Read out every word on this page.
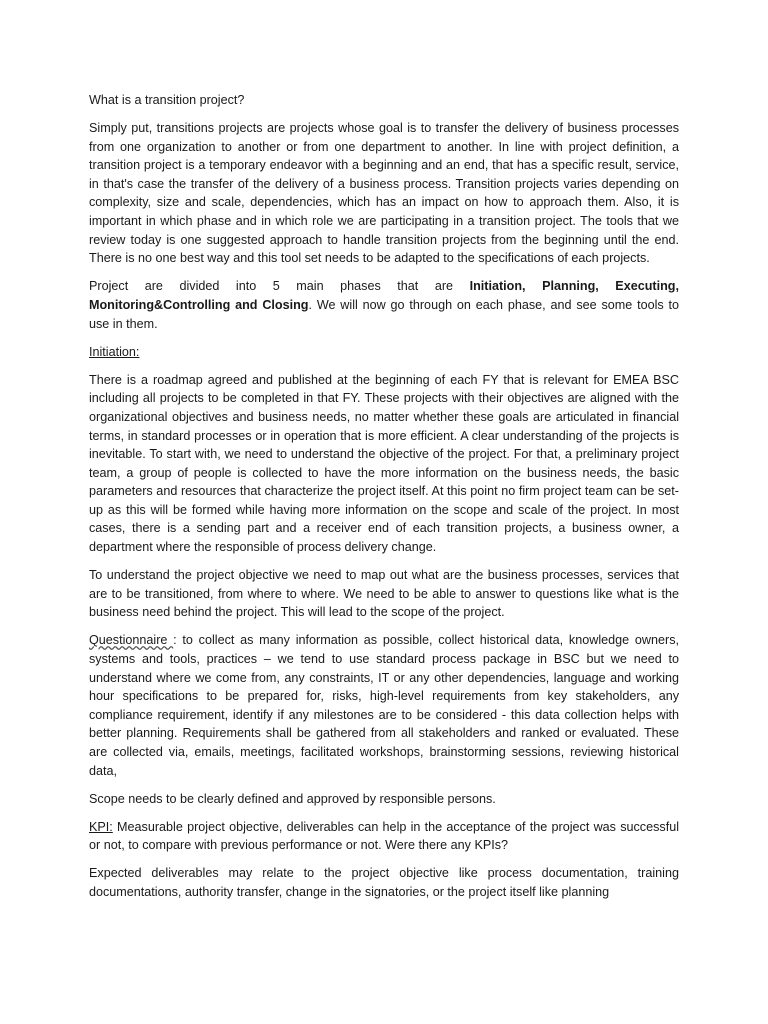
What is a transition project?

Simply put, transitions projects are projects whose goal is to transfer the delivery of business processes from one organization to another or from one department to another. In line with project definition, a transition project is a temporary endeavor with a beginning and an end, that has a specific result, service, in that's case the transfer of the delivery of a business process. Transition projects varies depending on complexity, size and scale, dependencies, which has an impact on how to approach them. Also, it is important in which phase and in which role we are participating in a transition project. The tools that we review today is one suggested approach to handle transition projects from the beginning until the end. There is no one best way and this tool set needs to be adapted to the specifications of each projects.

Project are divided into 5 main phases that are Initiation, Planning, Executing, Monitoring&Controlling and Closing. We will now go through on each phase, and see some tools to use in them.

Initiation:

There is a roadmap agreed and published at the beginning of each FY that is relevant for EMEA BSC including all projects to be completed in that FY. These projects with their objectives are aligned with the organizational objectives and business needs, no matter whether these goals are articulated in financial terms, in standard processes or in operation that is more efficient. A clear understanding of the projects is inevitable. To start with, we need to understand the objective of the project. For that, a preliminary project team, a group of people is collected to have the more information on the business needs, the basic parameters and resources that characterize the project itself. At this point no firm project team can be set-up as this will be formed while having more information on the scope and scale of the project. In most cases, there is a sending part and a receiver end of each transition projects, a business owner, a department where the responsible of process delivery change.

To understand the project objective we need to map out what are the business processes, services that are to be transitioned, from where to where. We need to be able to answer to questions like what is the business need behind the project. This will lead to the scope of the project.

Questionnaire : to collect as many information as possible, collect historical data, knowledge owners, systems and tools, practices – we tend to use standard process package in BSC but we need to understand where we come from, any constraints, IT or any other dependencies, language and working hour specifications to be prepared for, risks, high-level requirements from key stakeholders, any compliance requirement, identify if any milestones are to be considered - this data collection helps with better planning. Requirements shall be gathered from all stakeholders and ranked or evaluated. These are collected via, emails, meetings, facilitated workshops, brainstorming sessions, reviewing historical data,

Scope needs to be clearly defined and approved by responsible persons.

KPI: Measurable project objective, deliverables can help in the acceptance of the project was successful or not, to compare with previous performance or not. Were there any KPIs?

Expected deliverables may relate to the project objective like process documentation, training documentations, authority transfer, change in the signatories, or the project itself like planning
